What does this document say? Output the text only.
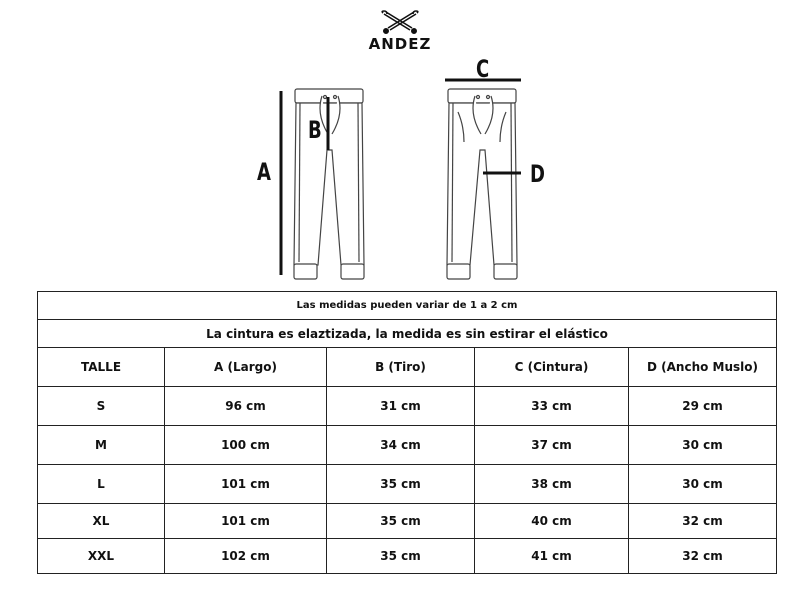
ANDEZ
A
B
C
D
Las medidas pueden variar de 1 a 2 cm				
La cintura es elaztizada, la medida es sin estirar el elástico				
TALLE	A (Largo)	B (Tiro)	C (Cintura)	D (Ancho Muslo)
S	96 cm	31 cm	33 cm	29 cm
M	100 cm	34 cm	37 cm	30 cm
L	101 cm	35 cm	38 cm	30 cm
XL	101 cm	35 cm	40 cm	32 cm
XXL	102 cm	35 cm	41 cm	32 cm
